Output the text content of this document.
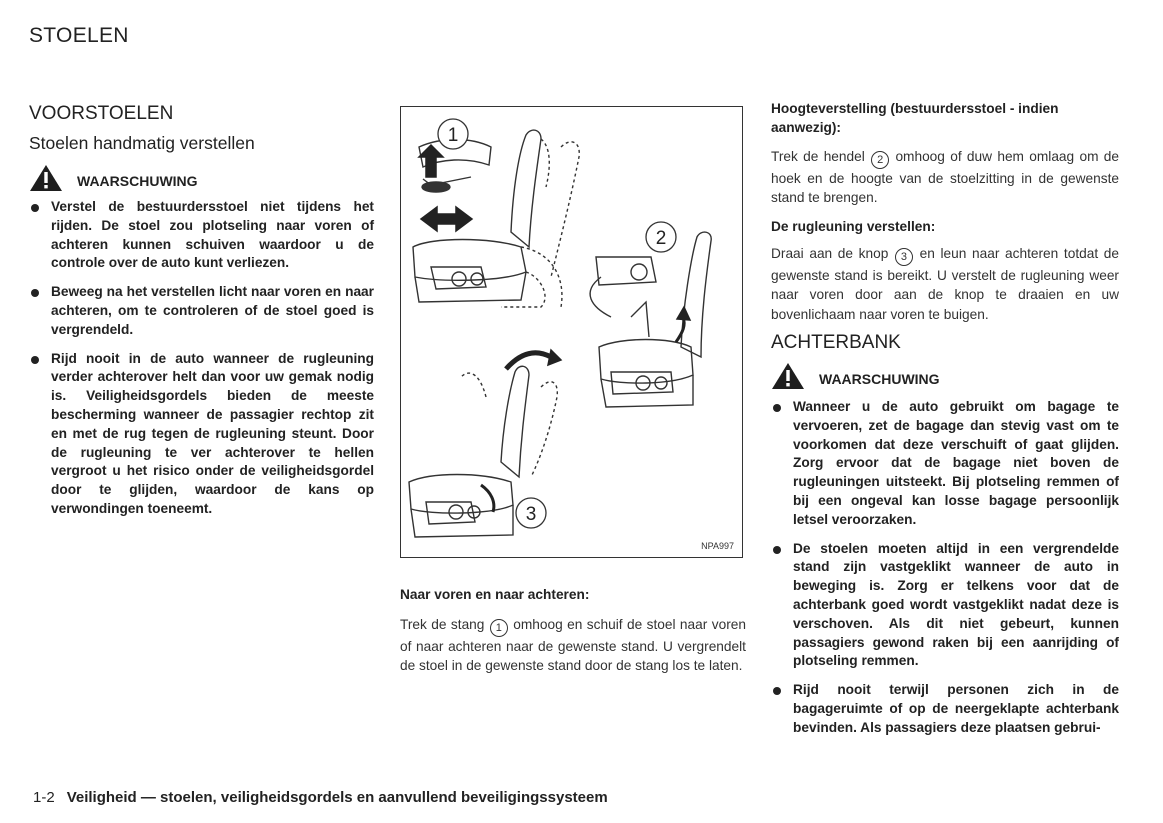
STOELEN
VOORSTOELEN
Stoelen handmatig verstellen
WAARSCHUWING
Verstel de bestuurdersstoel niet tijdens het rijden. De stoel zou plotseling naar voren of achteren kunnen schuiven waardoor u de controle over de auto kunt verliezen.
Beweeg na het verstellen licht naar voren en naar achteren, om te controleren of de stoel goed is vergrendeld.
Rijd nooit in de auto wanneer de rugleuning verder achterover helt dan voor uw gemak nodig is. Veiligheidsgordels bieden de meeste bescherming wanneer de passagier rechtop zit en met de rug tegen de rugleuning steunt. Door de rugleuning te ver achterover te hellen vergroot u het risico onder de veiligheidsgordel door te glijden, waardoor de kans op verwondingen toeneemt.
1
2
3
NPA997
Naar voren en naar achteren:
Trek de stang 1 omhoog en schuif de stoel naar voren of naar achteren naar de gewenste stand. U vergrendelt de stoel in de gewenste stand door de stang los te laten.
Hoogteverstelling (bestuurdersstoel - indien aanwezig):
Trek de hendel 2 omhoog of duw hem omlaag om de hoek en de hoogte van de stoelzitting in de gewenste stand te brengen.
De rugleuning verstellen:
Draai aan de knop 3 en leun naar achteren totdat de gewenste stand is bereikt. U verstelt de rugleuning weer naar voren door aan de knop te draaien en uw bovenlichaam naar voren te buigen.
ACHTERBANK
WAARSCHUWING
Wanneer u de auto gebruikt om bagage te vervoeren, zet de bagage dan stevig vast om te voorkomen dat deze verschuift of gaat glijden. Zorg ervoor dat de bagage niet boven de rugleuningen uitsteekt. Bij plotseling remmen of bij een ongeval kan losse bagage persoonlijk letsel veroorzaken.
De stoelen moeten altijd in een vergrendelde stand zijn vastgeklikt wanneer de auto in beweging is. Zorg er telkens voor dat de achterbank goed wordt vastgeklikt nadat deze is verschoven. Als dit niet gebeurt, kunnen passagiers gewond raken bij een aanrijding of plotseling remmen.
Rijd nooit terwijl personen zich in de bagageruimte of op de neergeklapte achterbank bevinden. Als passagiers deze plaatsen gebrui-
1-2 Veiligheid — stoelen, veiligheidsgordels en aanvullend beveiligingssysteem
